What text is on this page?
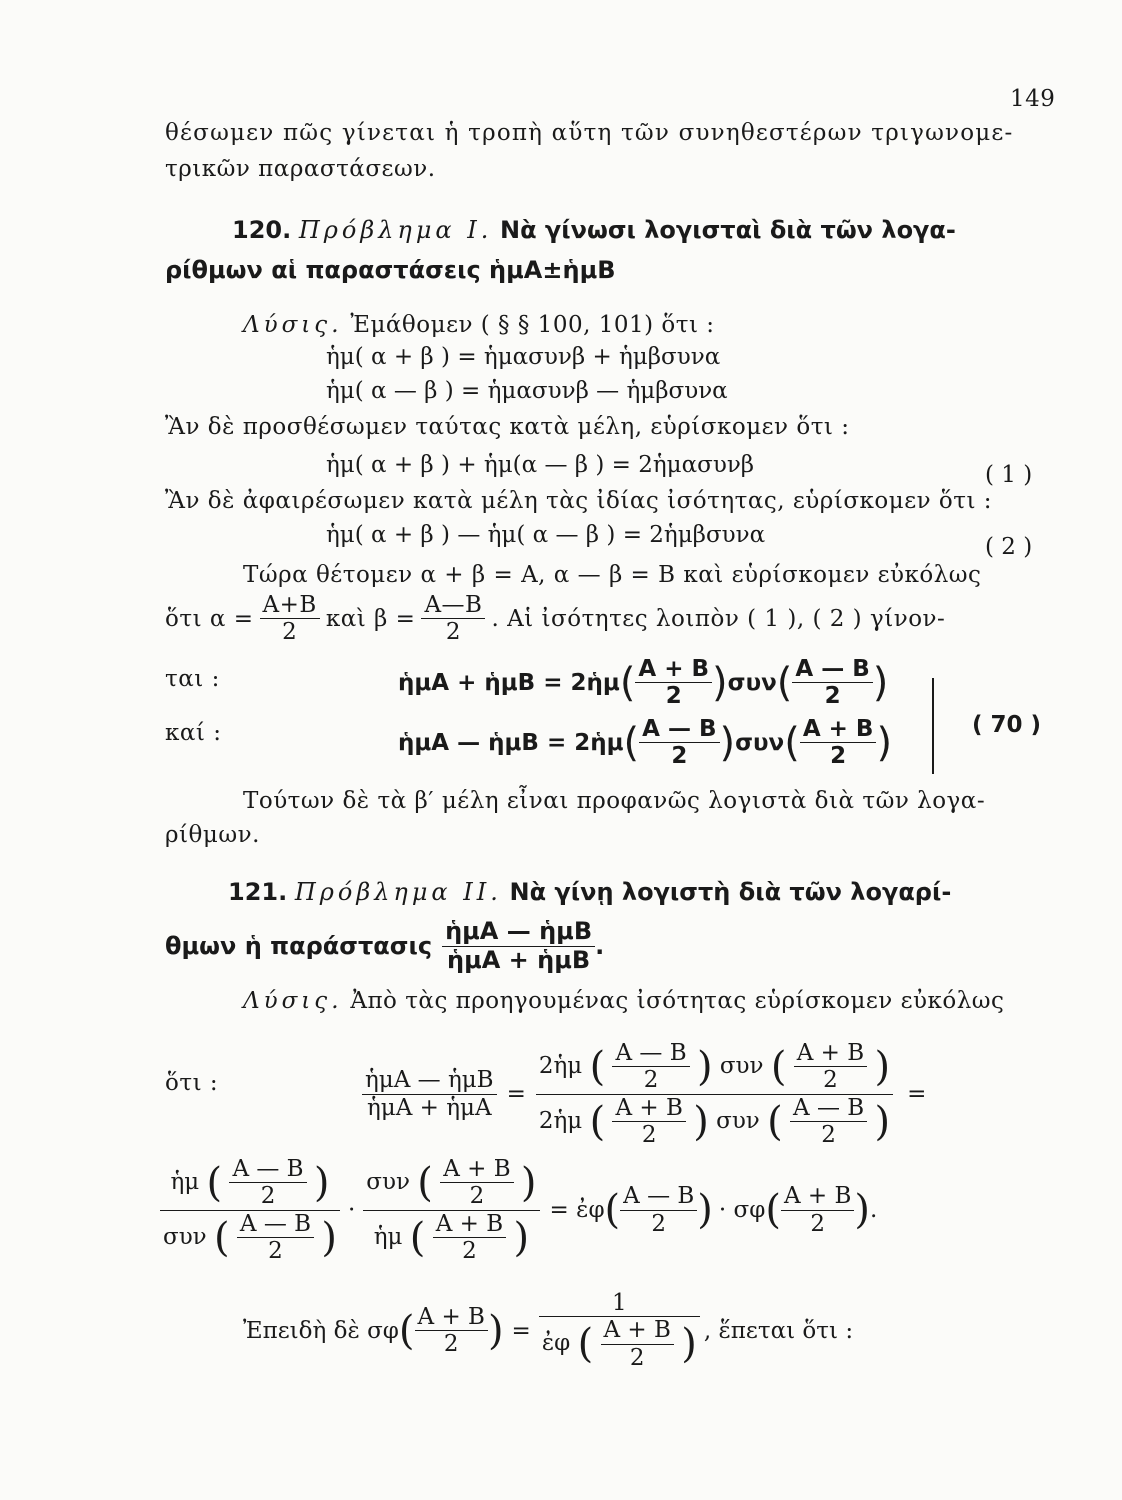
149
θέσωμεν πῶς γίνεται ἡ τροπὴ αὕτη τῶν συνηθεστέρων τριγωνομε-
τρικῶν παραστάσεων.
120. Πρόβλημα Ι. Νὰ γίνωσι λογισταὶ διὰ τῶν λογα-
ρίθμων αἱ παραστάσεις ἡμΑ±ἡμΒ
Λύσις. Ἐμάθομεν ( § § 100, 101) ὅτι :
ἡμ( α + β ) = ἡμασυνβ + ἡμβσυνα
ἡμ( α — β ) = ἡμασυνβ — ἡμβσυνα
Ἂν δὲ προσθέσωμεν ταύτας κατὰ μέλη, εὑρίσκομεν ὅτι :
ἡμ( α + β ) + ἡμ(α — β ) = 2ἡμασυνβ	( 1 )
Ἂν δὲ ἀφαιρέσωμεν κατὰ μέλη τὰς ἰδίας ἰσότητας, εὑρίσκομεν ὅτι :
ἡμ( α + β ) — ἡμ( α — β ) = 2ἡμβσυνα	( 2 )
Τώρα θέτομεν α + β = Α, α — β = Β καὶ εὑρίσκομεν εὐκόλως
ὅτι $\alpha = \frac{A+B}{2}$ καὶ $\beta = \frac{A—B}{2}$ . Αἱ ἰσότητες λοιπὸν ( 1 ), ( 2 ) γίνον-
ται :
καί :
ἡμΑ + ἡμΒ = 2ἡμ ( $\frac{A + B}{2}$ ) συν ( $\frac{A — B}{2}$ )
ἡμΑ — ἡμΒ = 2ἡμ ( $\frac{A — B}{2}$ ) συν ( $\frac{A + B}{2}$ )	( 70 )
Τούτων δὲ τὰ β′ μέλη εἶναι προφανῶς λογιστὰ διὰ τῶν λογα-
ρίθμων.
121. Πρόβλημα ΙΙ. Νὰ γίνῃ λογιστὴ διὰ τῶν λογαρί-
θμων ἡ παράστασις $\frac{\text{ἡμΑ — ἡμΒ}}{\text{ἡμΑ + ἡμΒ}}$ .
Λύσις. Ἀπὸ τὰς προηγουμένας ἰσότητας εὑρίσκομεν εὐκόλως
ὅτι :	$\frac{\text{ἡμΑ — ἡμΒ}}{\text{ἡμΑ + ἡμΑ}}$ =
2ἡμ ( $\frac{A — B}{2}$ ) συν ( $\frac{A + B}{2}$ )
2ἡμ ( $\frac{A + B}{2}$ ) συν ( $\frac{A — B}{2}$ )
=
$\frac{ἡ\mu ( \frac{A — B}{2} )}{\sigma\upsilon\nu ( \frac{A — B}{2} )} \cdot \frac{\sigma\upsilon\nu ( \frac{A + B}{2} )}{ἡ\mu ( \frac{A + B}{2} )}$ = ἐφ ( $\frac{A — B}{2}$ ) · σφ ( $\frac{A + B}{2}$ ) .
Ἐπειδὴ δὲ σφ ( $\frac{A + B}{2}$ ) = $\frac{1}{ἐ\varphi ( \frac{A + B}{2} )}$ , ἕπεται ὅτι :
